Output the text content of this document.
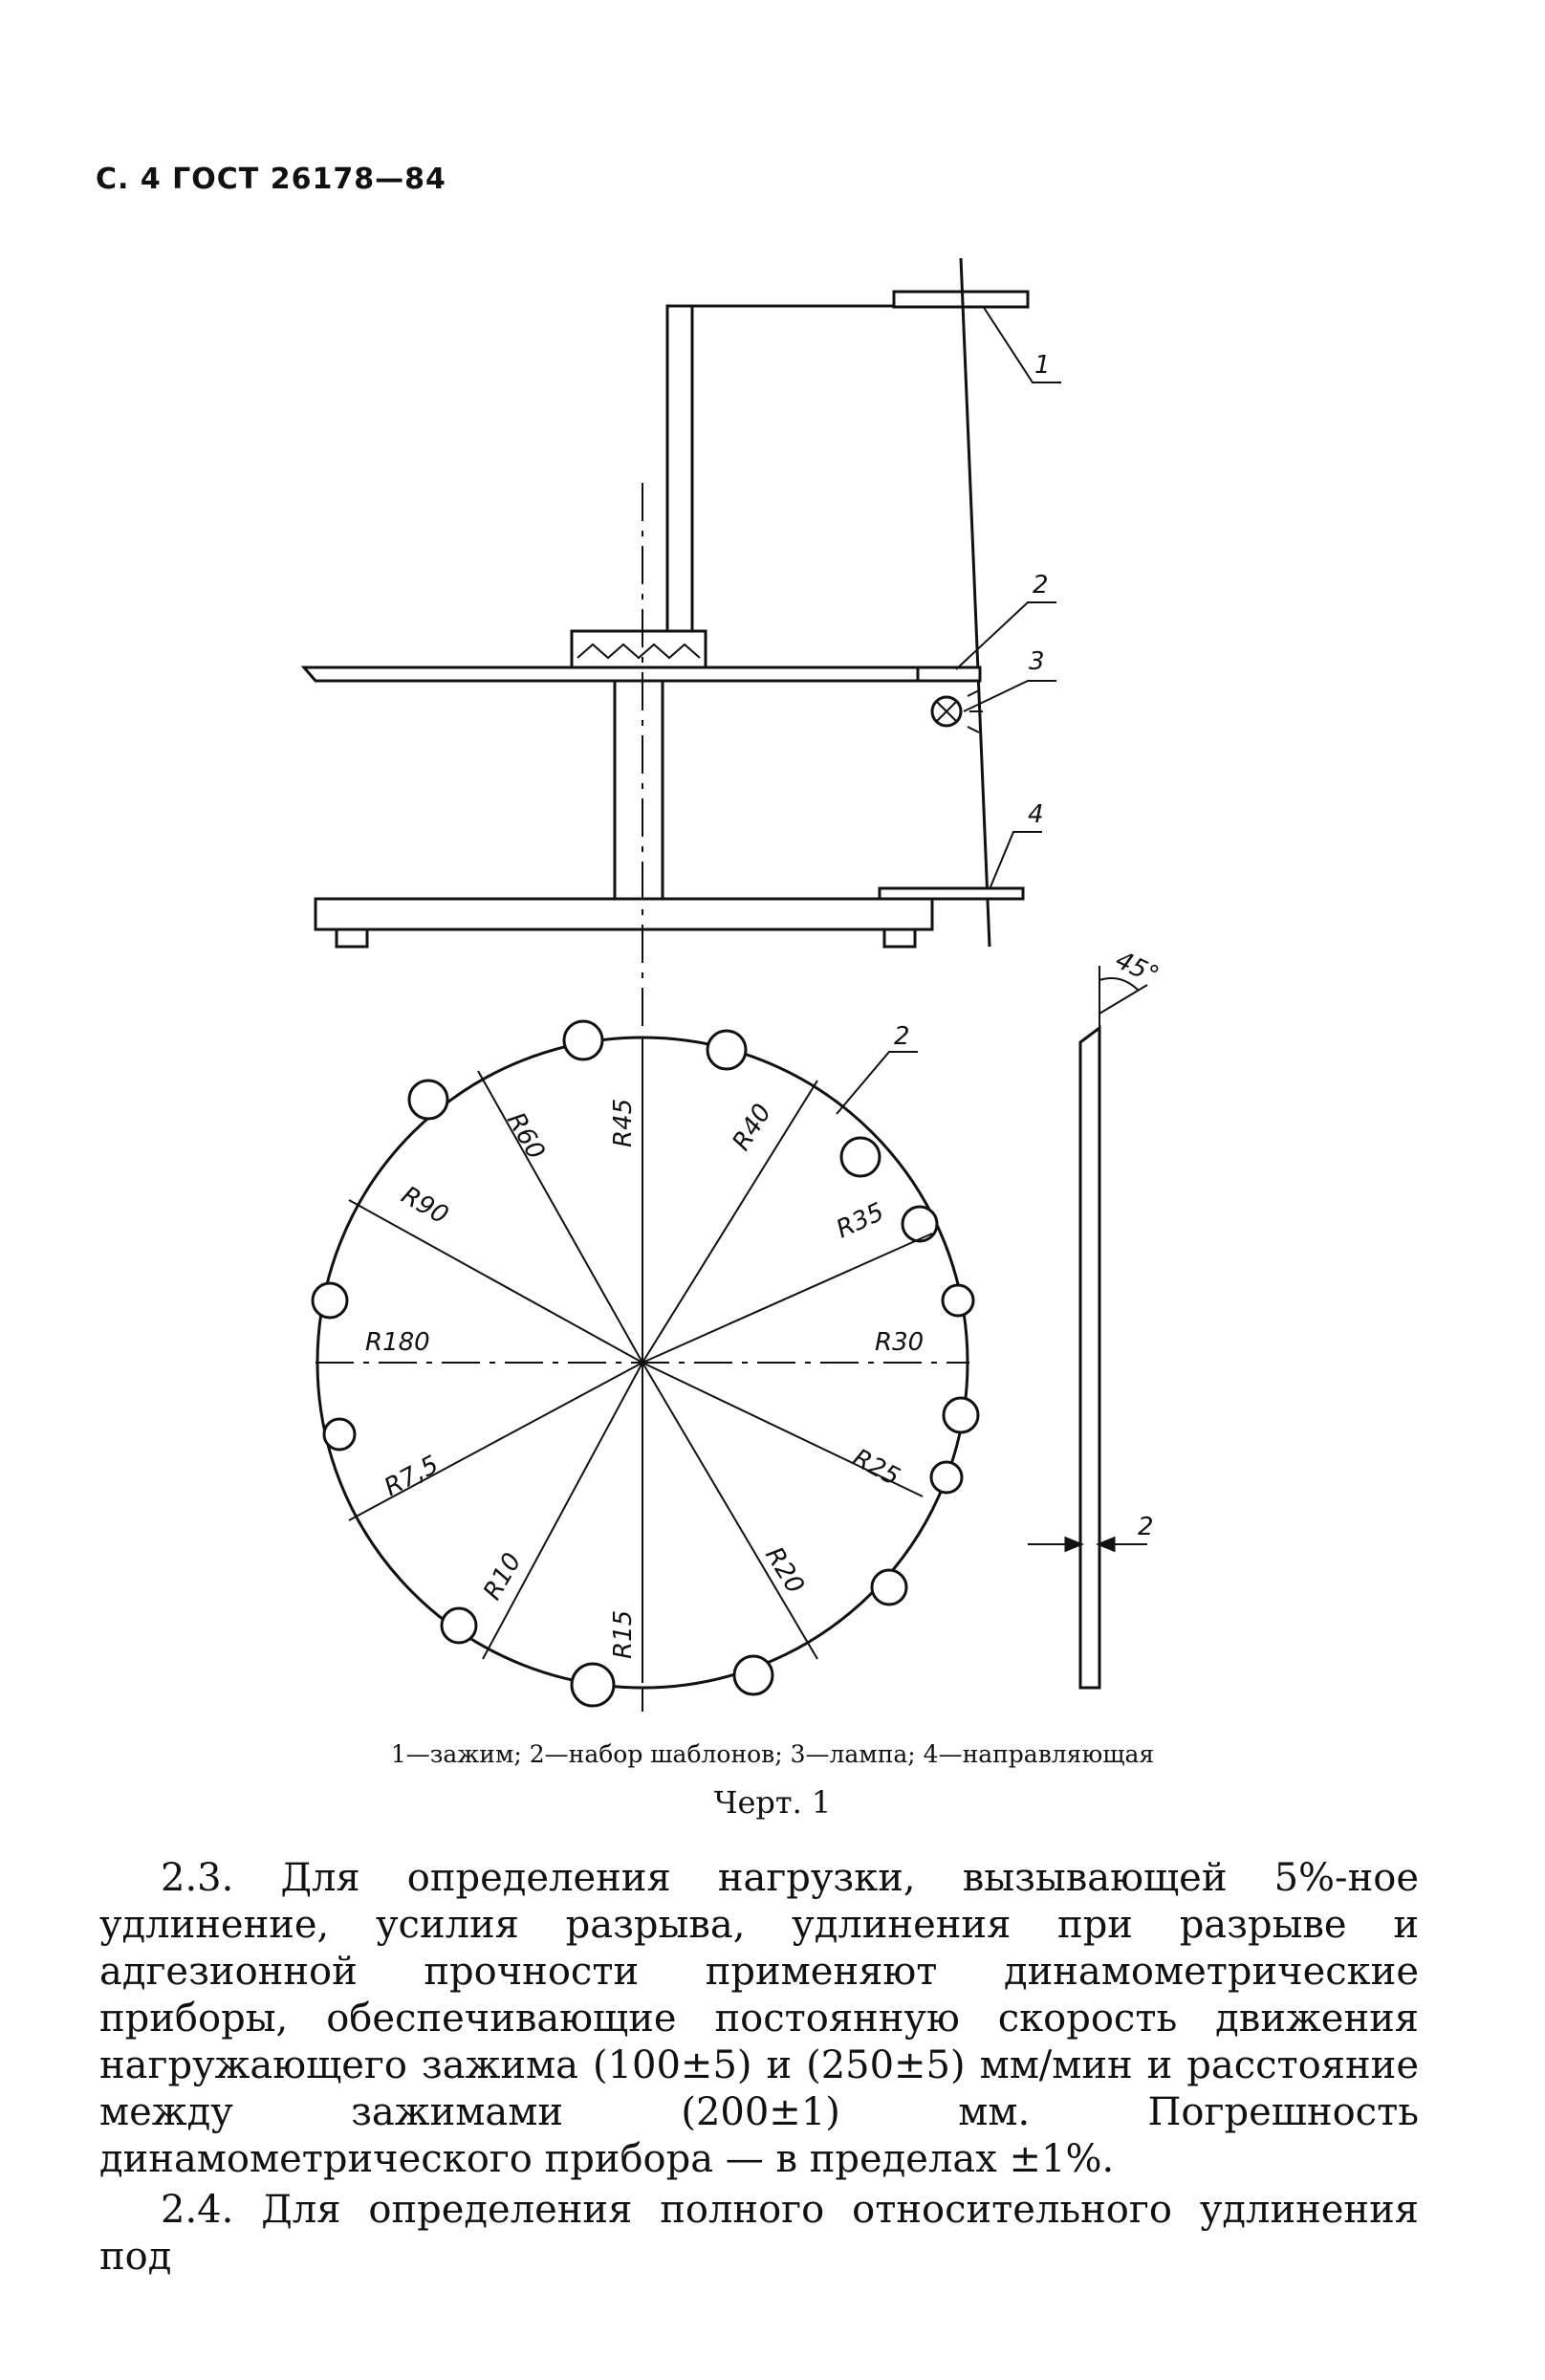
С. 4 ГОСТ 26178—84
1
2
3
4
2
45°
2
R45
R60	R40
R90	R35
R180	R30
R7,5	R25
R10
R15
R20
1—зажим; 2—набор шаблонов; 3—лампа; 4—направляющая
Черт. 1

2.3. Для определения нагрузки, вызывающей 5%-ное удлинение, усилия разрыва, удлинения при разрыве и адгезионной прочности применяют динамометрические приборы, обеспечивающие постоянную скорость движения нагружающего зажима (100±5) и (250±5) мм/мин и расстояние между зажимами (200±1) мм. Погрешность динамометрического прибора — в пределах ±1%.

2.4. Для определения полного относительного удлинения под
